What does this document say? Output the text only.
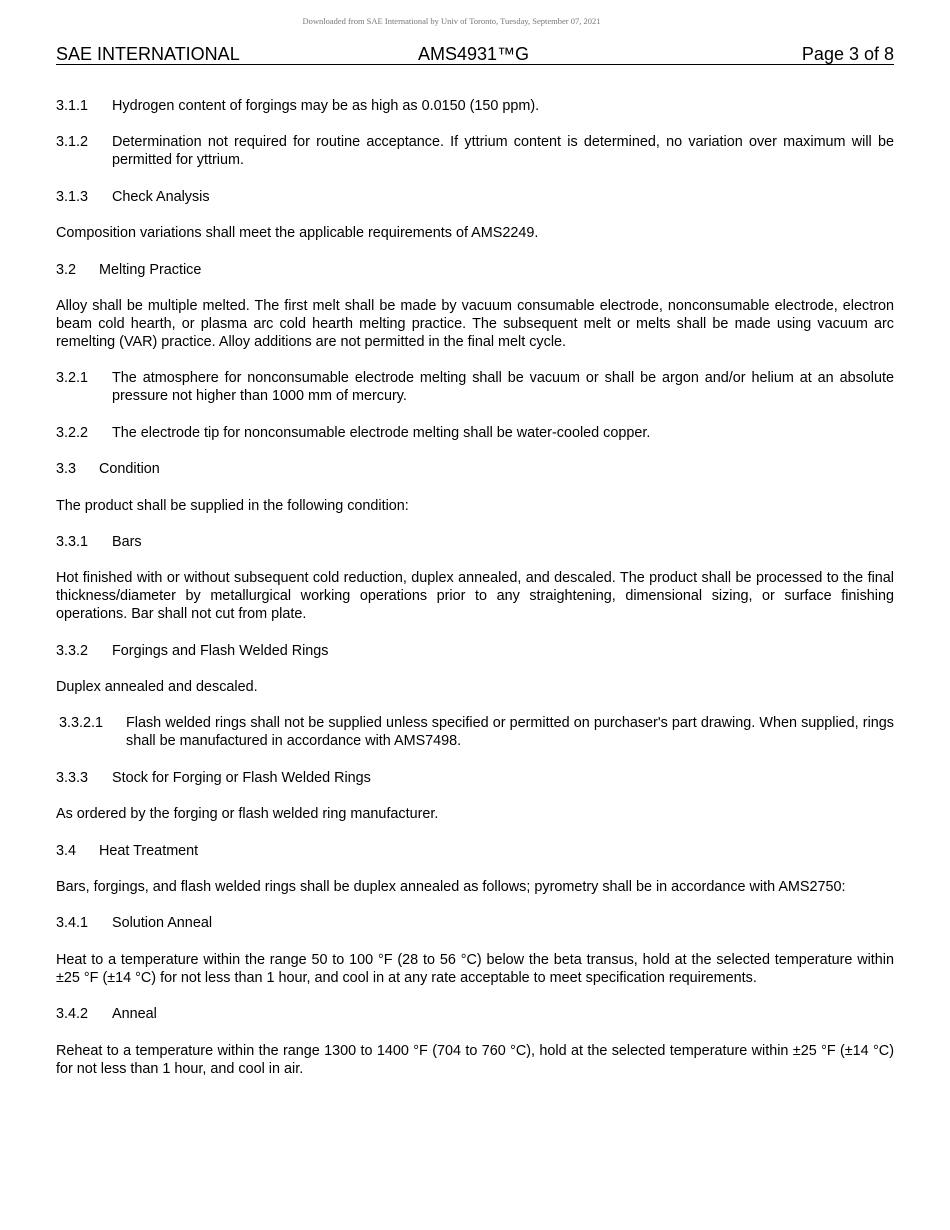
Downloaded from SAE International by Univ of Toronto, Tuesday, September 07, 2021
SAE INTERNATIONAL	AMS4931™G	Page 3 of 8
3.1.1	Hydrogen content of forgings may be as high as 0.0150 (150 ppm).
3.1.2	Determination not required for routine acceptance. If yttrium content is determined, no variation over maximum will be permitted for yttrium.
3.1.3	Check Analysis

Composition variations shall meet the applicable requirements of AMS2249.

3.2	Melting Practice

Alloy shall be multiple melted. The first melt shall be made by vacuum consumable electrode, nonconsumable electrode, electron beam cold hearth, or plasma arc cold hearth melting practice. The subsequent melt or melts shall be made using vacuum arc remelting (VAR) practice. Alloy additions are not permitted in the final melt cycle.

3.2.1	The atmosphere for nonconsumable electrode melting shall be vacuum or shall be argon and/or helium at an absolute pressure not higher than 1000 mm of mercury.
3.2.2	The electrode tip for nonconsumable electrode melting shall be water-cooled copper.
3.3	Condition

The product shall be supplied in the following condition:

3.3.1	Bars

Hot finished with or without subsequent cold reduction, duplex annealed, and descaled. The product shall be processed to the final thickness/diameter by metallurgical working operations prior to any straightening, dimensional sizing, or surface finishing operations. Bar shall not cut from plate.

3.3.2	Forgings and Flash Welded Rings

Duplex annealed and descaled.

3.3.2.1	Flash welded rings shall not be supplied unless specified or permitted on purchaser's part drawing. When supplied, rings shall be manufactured in accordance with AMS7498.
3.3.3	Stock for Forging or Flash Welded Rings

As ordered by the forging or flash welded ring manufacturer.

3.4	Heat Treatment

Bars, forgings, and flash welded rings shall be duplex annealed as follows; pyrometry shall be in accordance with AMS2750:

3.4.1	Solution Anneal

Heat to a temperature within the range 50 to 100 °F (28 to 56 °C) below the beta transus, hold at the selected temperature within ±25 °F (±14 °C) for not less than 1 hour, and cool in at any rate acceptable to meet specification requirements.

3.4.2	Anneal

Reheat to a temperature within the range 1300 to 1400 °F (704 to 760 °C), hold at the selected temperature within ±25 °F (±14 °C) for not less than 1 hour, and cool in air.
